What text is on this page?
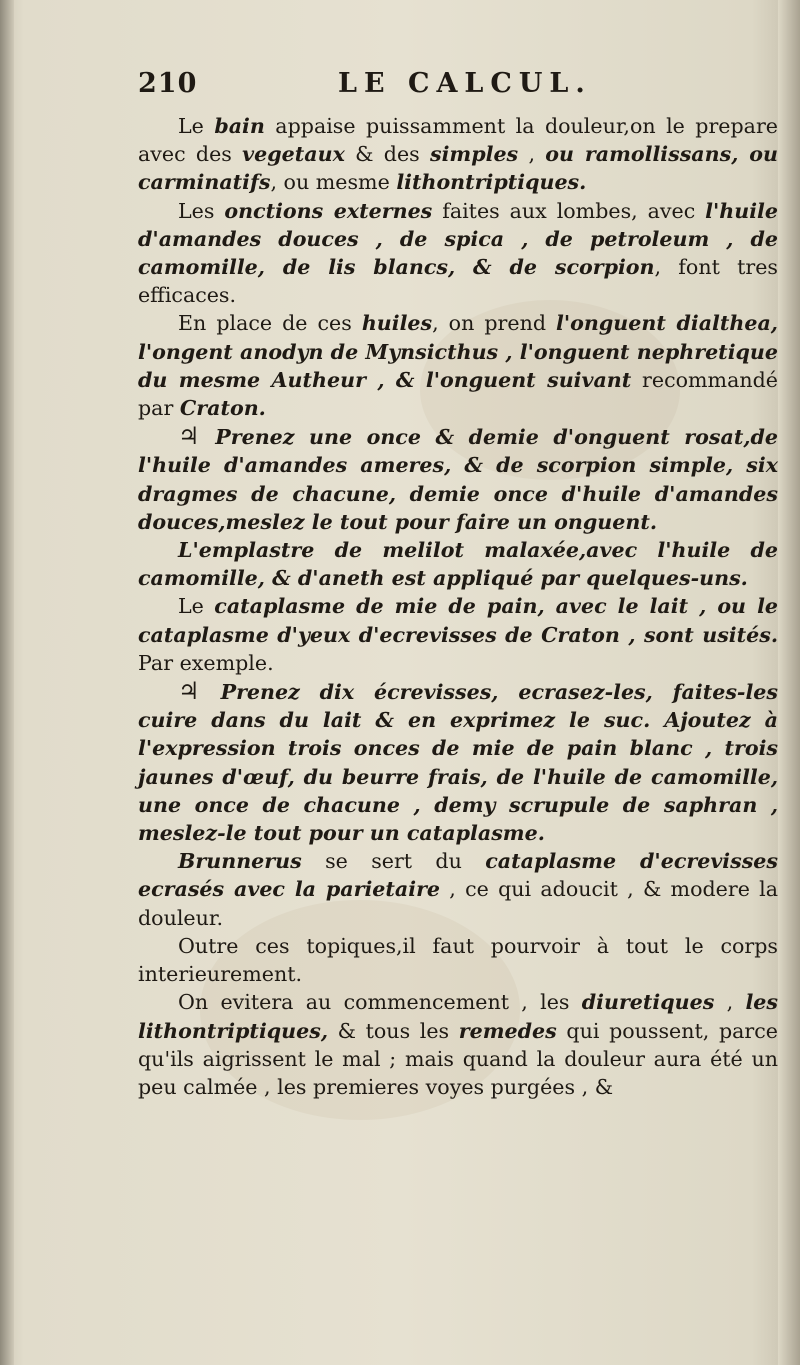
210	LE CALCUL.

Le bain appaise puissamment la douleur,on le prepare avec des vegetaux & des simples , ou ramollissans, ou carminatifs, ou mesme lithontriptiques.

Les onctions externes faites aux lombes, avec l'huile d'amandes douces , de spica , de petroleum , de camomille, de lis blancs, & de scorpion, font tres efficaces.

En place de ces huiles, on prend l'onguent dialthea, l'ongent anodyn de Mynsicthus , l'onguent nephretique du mesme Autheur , & l'onguent suivant recommandé par Craton.

♃ Prenez une once & demie d'onguent rosat,de l'huile d'amandes ameres, & de scorpion simple, six dragmes de chacune, demie once d'huile d'amandes douces,meslez le tout pour faire un onguent.

L'emplastre de melilot malaxée,avec l'huile de camomille, & d'aneth est appliqué par quelques-uns.

Le cataplasme de mie de pain, avec le lait , ou le cataplasme d'yeux d'ecrevisses de Craton , sont usités. Par exemple.

♃ Prenez dix écrevisses, ecrasez-les, faites-les cuire dans du lait & en exprimez le suc. Ajoutez à l'expression trois onces de mie de pain blanc , trois jaunes d'œuf, du beurre frais, de l'huile de camomille, une once de chacune , demy scrupule de saphran , meslez-le tout pour un cataplasme.

Brunnerus se sert du cataplasme d'ecrevisses ecrasés avec la parietaire , ce qui adoucit , & modere la douleur.

Outre ces topiques,il faut pourvoir à tout le corps interieurement.

On evitera au commencement , les diuretiques , les lithontriptiques, & tous les remedes qui poussent, parce qu'ils aigrissent le mal ; mais quand la douleur aura été un peu calmée , les premieres voyes purgées , &
